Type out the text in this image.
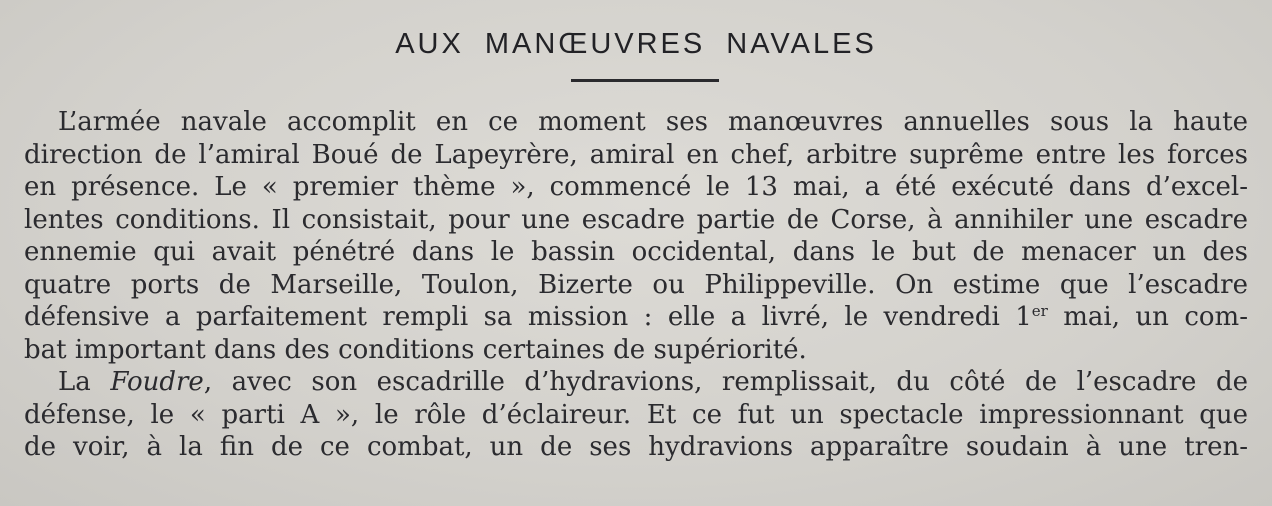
AUX MANŒUVRES NAVALES
L’armée navale accomplit en ce moment ses manœuvres annuelles sous la haute
direction de l’amiral Boué de Lapeyrère, amiral en chef, arbitre suprême entre les forces
en présence. Le « premier thème », commencé le 13 mai, a été exécuté dans d’excel-
lentes conditions. Il consistait, pour une escadre partie de Corse, à annihiler une escadre
ennemie qui avait pénétré dans le bassin occidental, dans le but de menacer un des
quatre ports de Marseille, Toulon, Bizerte ou Philippeville. On estime que l’escadre
défensive a parfaitement rempli sa mission : elle a livré, le vendredi 1er mai, un com-
bat important dans des conditions certaines de supériorité.
La Foudre, avec son escadrille d’hydravions, remplissait, du côté de l’escadre de
défense, le « parti A », le rôle d’éclaireur. Et ce fut un spectacle impressionnant que
de voir, à la fin de ce combat, un de ses hydravions apparaître soudain à une tren-
